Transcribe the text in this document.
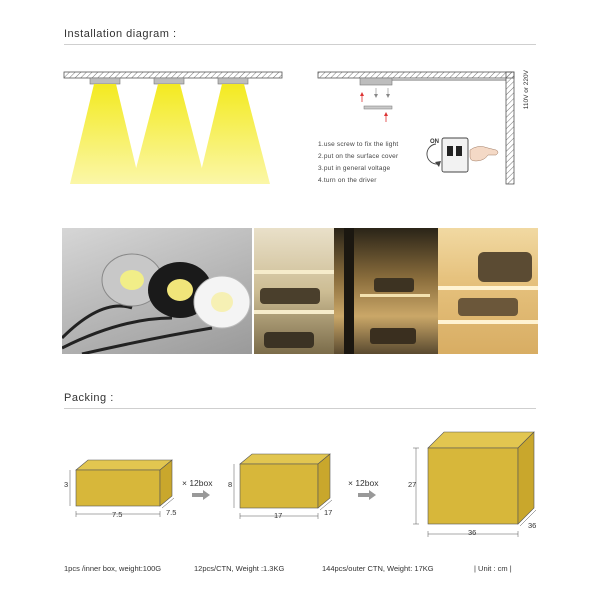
Installation diagram :
ON
110V or 220V
1.use screw to fix the light
2.put on the surface cover
3.put in general voltage
4.turn on the driver
Packing :
3
7.5	7.5
× 12box 8
17	17
× 12box	27
36
36
1pcs /inner box, weight:100G	12pcs/CTN, Weight :1.3KG	144pcs/outer CTN, Weight: 17KG	| Unit : cm |
